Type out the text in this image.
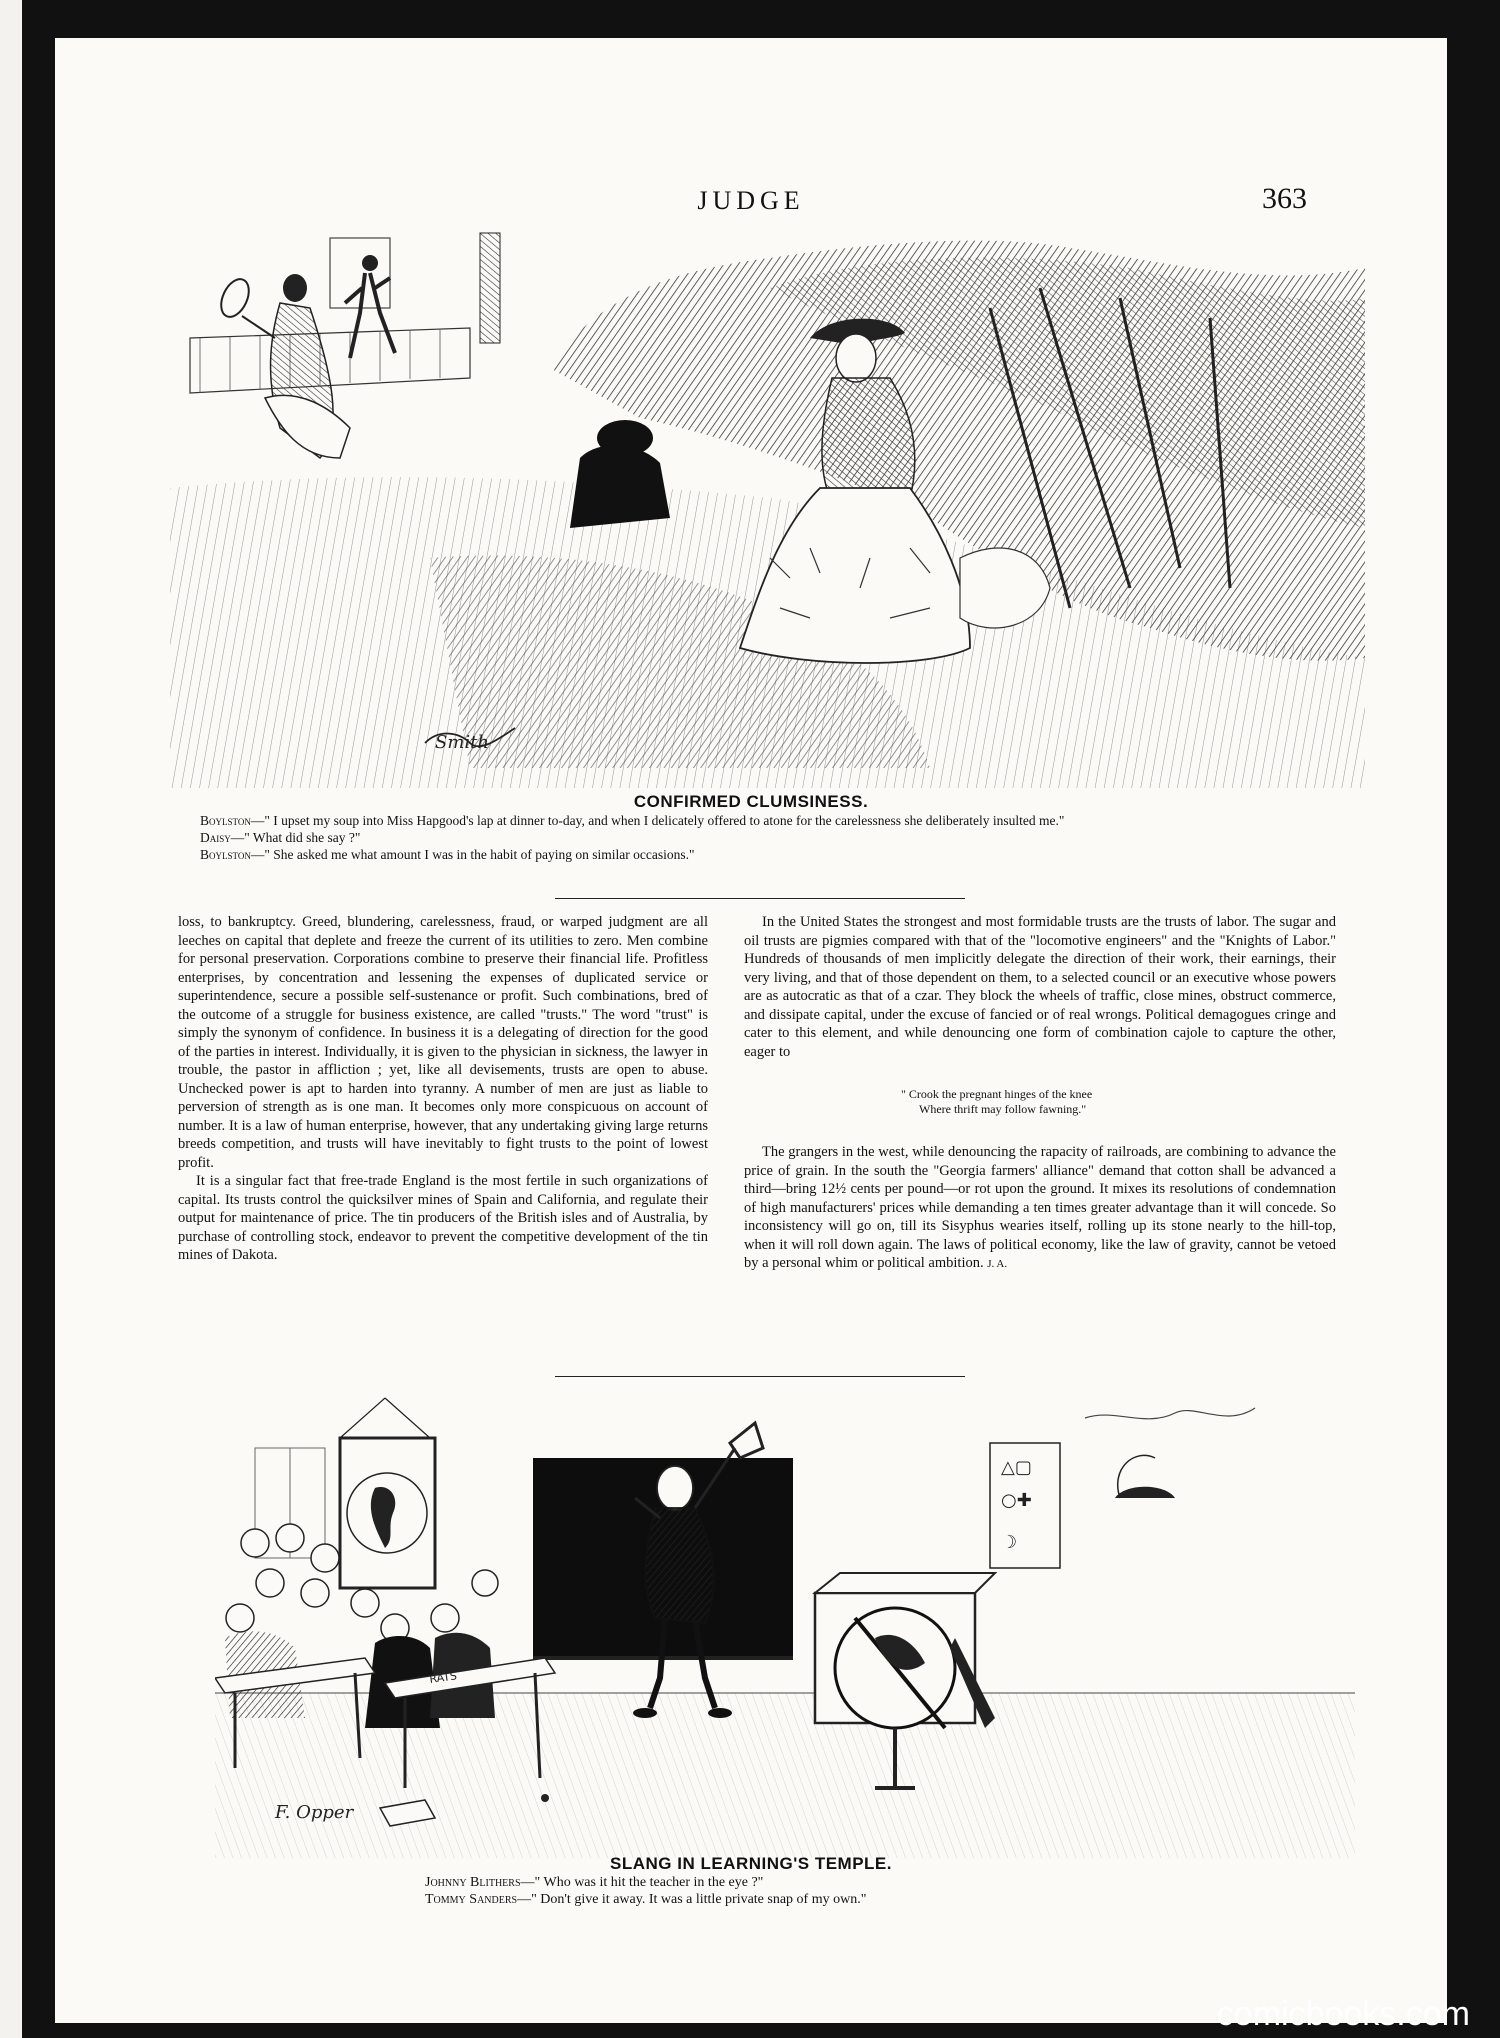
JUDGE	363
Smith
CONFIRMED CLUMSINESS.

Boylston—" I upset my soup into Miss Hapgood's lap at dinner to-day, and when I delicately offered to atone for the carelessness she deliberately insulted me."

Daisy—" What did she say ?"

Boylston—" She asked me what amount I was in the habit of paying on similar occasions."

loss, to bankruptcy. Greed, blundering, carelessness, fraud, or warped judgment are all leeches on capital that deplete and freeze the current of its utilities to zero. Men combine for personal preservation. Corporations combine to preserve their financial life. Profitless enterprises, by concentration and lessening the expenses of duplicated service or superintendence, secure a possible self-sustenance or profit. Such combinations, bred of the outcome of a struggle for business existence, are called "trusts." The word "trust" is simply the synonym of confidence. In business it is a delegating of direction for the good of the parties in interest. Individually, it is given to the physician in sickness, the lawyer in trouble, the pastor in affliction ; yet, like all devisements, trusts are open to abuse. Unchecked power is apt to harden into tyranny. A number of men are just as liable to perversion of strength as is one man. It becomes only more conspicuous on account of number. It is a law of human enterprise, however, that any undertaking giving large returns breeds competition, and trusts will have inevitably to fight trusts to the point of lowest profit.

It is a singular fact that free-trade England is the most fertile in such organizations of capital. Its trusts control the quicksilver mines of Spain and California, and regulate their output for maintenance of price. The tin producers of the British isles and of Australia, by purchase of controlling stock, endeavor to prevent the competitive development of the tin mines of Dakota.

In the United States the strongest and most formidable trusts are the trusts of labor. The sugar and oil trusts are pigmies compared with that of the "locomotive engineers" and the "Knights of Labor." Hundreds of thousands of men implicitly delegate the direction of their work, their earnings, their very living, and that of those dependent on them, to a selected council or an executive whose powers are as autocratic as that of a czar. They block the wheels of traffic, close mines, obstruct commerce, and dissipate capital, under the excuse of fancied or of real wrongs. Political demagogues cringe and cater to this element, and while denouncing one form of combination cajole to capture the other, eager to

" Crook the pregnant hinges of the knee
Where thrift may follow fawning."

The grangers in the west, while denouncing the rapacity of railroads, are combining to advance the price of grain. In the south the "Georgia farmers' alliance" demand that cotton shall be advanced a third—bring 12½ cents per pound—or rot upon the ground. It mixes its resolutions of condemnation of high manufacturers' prices while demanding a ten times greater advantage than it will concede. So inconsistency will go on, till its Sisyphus wearies itself, rolling up its stone nearly to the hill-top, when it will roll down again. The laws of political economy, like the law of gravity, cannot be vetoed by a personal whim or political ambition. J. A.

△▢
○✚
☽
RATS
F. Opper
SLANG IN LEARNING'S TEMPLE.

Johnny Blithers—" Who was it hit the teacher in the eye ?"

Tommy Sanders—" Don't give it away. It was a little private snap of my own."

comicbooks.com
